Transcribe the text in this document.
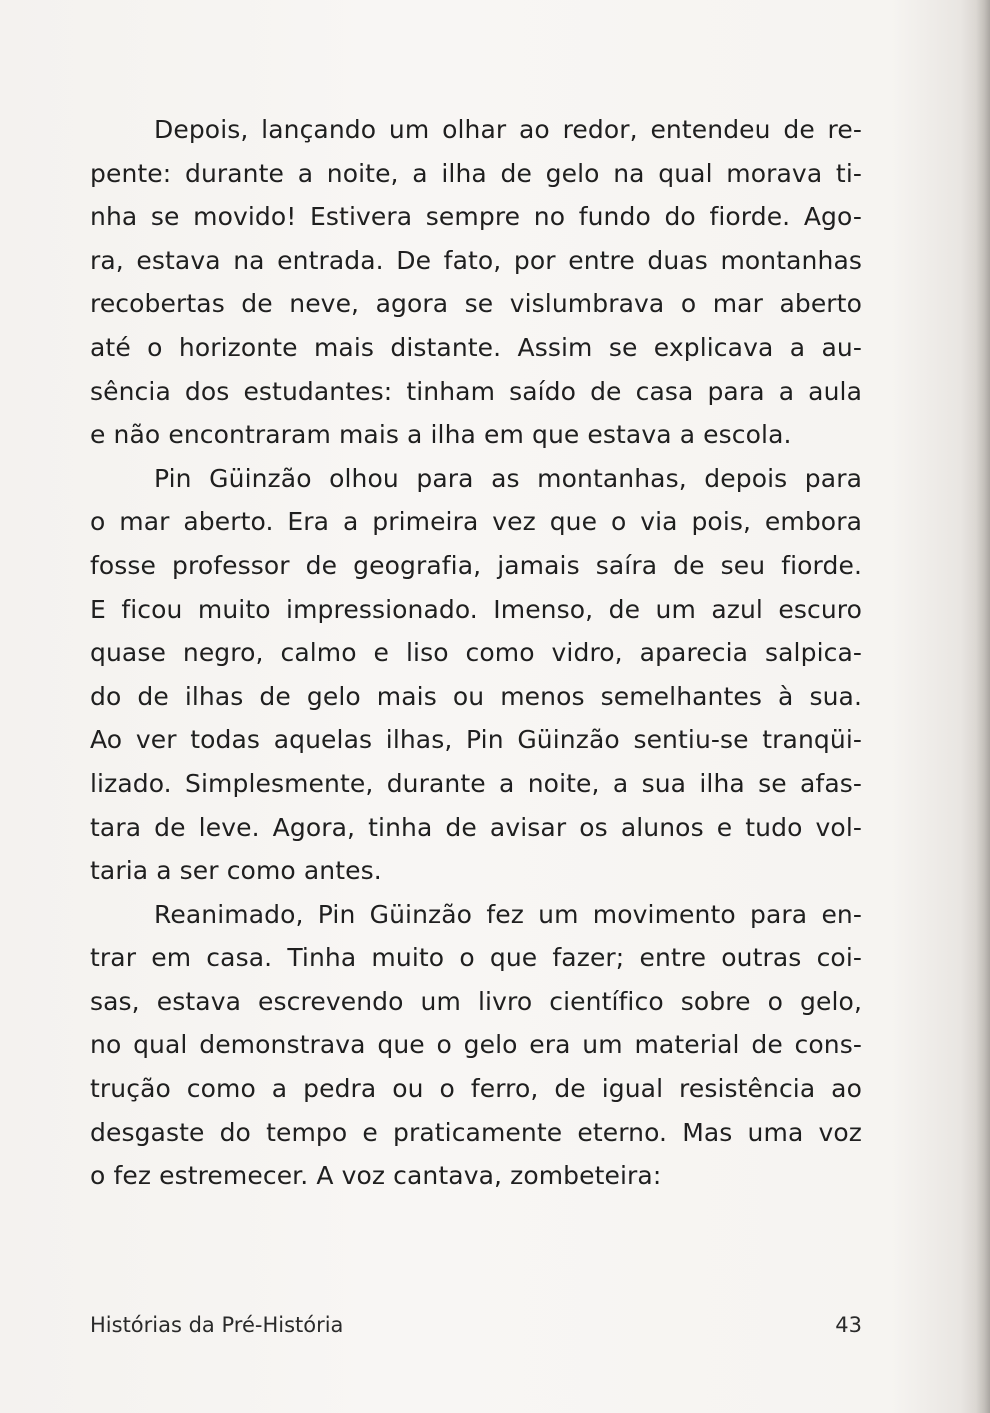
Depois, lançando um olhar ao redor, entendeu de re-
pente: durante a noite, a ilha de gelo na qual morava ti-
nha se movido! Estivera sempre no fundo do fiorde. Ago-
ra, estava na entrada. De fato, por entre duas montanhas
recobertas de neve, agora se vislumbrava o mar aberto
até o horizonte mais distante. Assim se explicava a au-
sência dos estudantes: tinham saído de casa para a aula
e não encontraram mais a ilha em que estava a escola.
Pin Güinzão olhou para as montanhas, depois para
o mar aberto. Era a primeira vez que o via pois, embora
fosse professor de geografia, jamais saíra de seu fiorde.
E ficou muito impressionado. Imenso, de um azul escuro
quase negro, calmo e liso como vidro, aparecia salpica-
do de ilhas de gelo mais ou menos semelhantes à sua.
Ao ver todas aquelas ilhas, Pin Güinzão sentiu-se tranqüi-
lizado. Simplesmente, durante a noite, a sua ilha se afas-
tara de leve. Agora, tinha de avisar os alunos e tudo vol-
taria a ser como antes.
Reanimado, Pin Güinzão fez um movimento para en-
trar em casa. Tinha muito o que fazer; entre outras coi-
sas, estava escrevendo um livro científico sobre o gelo,
no qual demonstrava que o gelo era um material de cons-
trução como a pedra ou o ferro, de igual resistência ao
desgaste do tempo e praticamente eterno. Mas uma voz
o fez estremecer. A voz cantava, zombeteira:
Histórias da Pré-História	43
